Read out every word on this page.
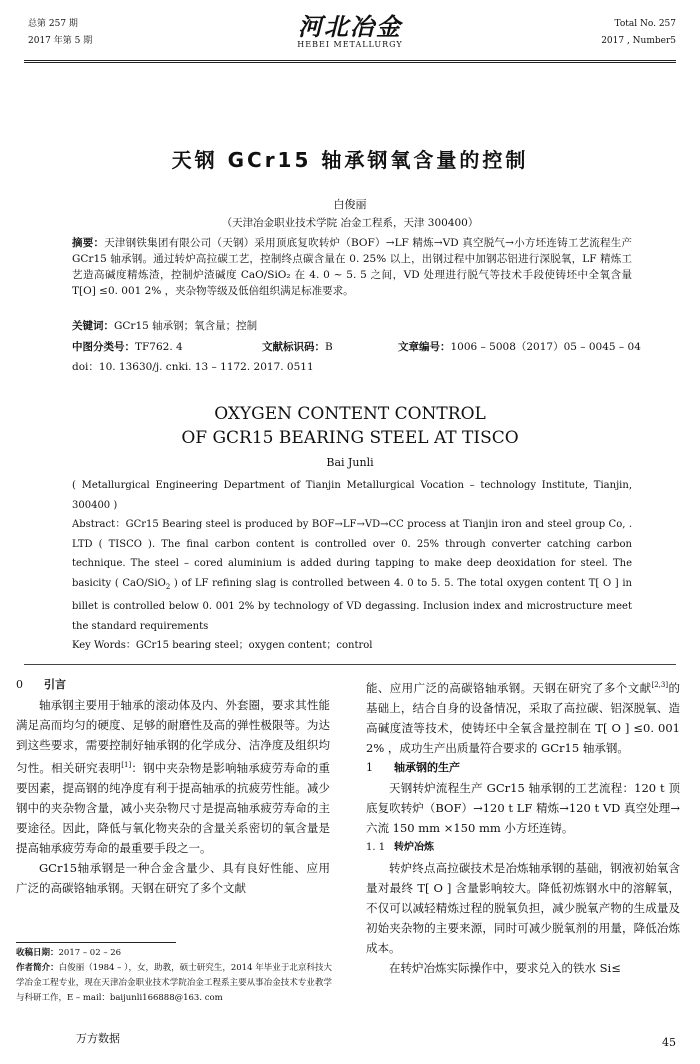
总第 257 期
2017 年第 5 期	河北冶金
HEBEI METALLURGY
Total No. 257
2017 , Number5
天钢 GCr15 轴承钢氧含量的控制
白俊丽
（天津冶金职业技术学院 冶金工程系，天津 300400）
摘要：天津钢铁集团有限公司（天钢）采用顶底复吹转炉（BOF）→LF 精炼→VD 真空脱气→小方坯连铸工艺流程生产 GCr15 轴承钢。通过转炉高拉碳工艺，控制终点碳含量在 0. 25% 以上，出钢过程中加钢芯铝进行深脱氧，LF 精炼工艺造高碱度精炼渣，控制炉渣碱度 CaO/SiO₂ 在 4. 0 ~ 5. 5 之间，VD 处理进行脱气等技术手段使铸坯中全氧含量 T[O] ≤0. 001 2% ，夹杂物等级及低倍组织满足标准要求。
关键词：GCr15 轴承钢；氧含量；控制
中图分类号：TF762. 4	文献标识码：B	文章编号：1006 – 5008（2017）05 – 0045 – 04
doi：10. 13630/j. cnki. 13 – 1172. 2017. 0511
OXYGEN CONTENT CONTROL
OF GCR15 BEARING STEEL AT TISCO
Bai Junli
( Metallurgical Engineering Department of Tianjin Metallurgical Vocation – technology Institute, Tianjin, 300400 )
Abstract：GCr15 Bearing steel is produced by BOF→LF→VD→CC process at Tianjin iron and steel group Co, . LTD ( TISCO ). The final carbon content is controlled over 0. 25% through converter catching carbon technique. The steel – cored aluminium is added during tapping to make deep deoxidation for steel. The basicity ( CaO/SiO$_2$ ) of LF refining slag is controlled between 4. 0 to 5. 5. The total oxygen content T[ O ] in billet is controlled below 0. 001 2% by technology of VD degassing. Inclusion index and microstructure meet the standard requirements
Key Words：GCr15 bearing steel；oxygen content；control
0 引言

轴承钢主要用于轴承的滚动体及内、外套圈，要求其性能满足高而均匀的硬度、足够的耐磨性及高的弹性极限等。为达到这些要求，需要控制好轴承钢的化学成分、洁净度及组织均匀性。相关研究表明[1]：钢中夹杂物是影响轴承疲劳寿命的重要因素，提高钢的纯净度有利于提高轴承的抗疲劳性能。减少钢中的夹杂物含量，减小夹杂物尺寸是提高轴承疲劳寿命的主要途径。因此，降低与氧化物夹杂的含量关系密切的氧含量是提高轴承疲劳寿命的最重要手段之一。

GCr15轴承钢是一种合金含量少、具有良好性能、应用广泛的高碳铬轴承钢。天钢在研究了多个文献

能、应用广泛的高碳铬轴承钢。天钢在研究了多个文献[2,3]的基础上，结合自身的设备情况，采取了高拉碳、铝深脱氧、造高碱度渣等技术，使铸坯中全氧含量控制在 T[ O ] ≤0. 001 2% ，成功生产出质量符合要求的 GCr15 轴承钢。

1 轴承钢的生产

天钢转炉流程生产 GCr15 轴承钢的工艺流程：120 t 顶底复吹转炉（BOF）→120 t LF 精炼→120 t VD 真空处理→六流 150 mm ×150 mm 小方坯连铸。

1. 1 转炉冶炼

转炉终点高拉碳技术是冶炼轴承钢的基础，钢液初始氧含量对最终 T[ O ] 含量影响较大。降低初炼钢水中的溶解氧，不仅可以减轻精炼过程的脱氧负担，减少脱氧产物的生成量及初始夹杂物的主要来源，同时可减少脱氧剂的用量，降低冶炼成本。

在转炉冶炼实际操作中，要求兑入的铁水 Si≤

收稿日期：2017 – 02 – 26
作者简介：白俊丽（1984 – ），女，助教，硕士研究生，2014 年毕业于北京科技大学冶金工程专业，现在天津冶金职业技术学院冶金工程系主要从事冶金技术专业教学与科研工作，E – mail：baijunli166888@163. com
万方数据	45
